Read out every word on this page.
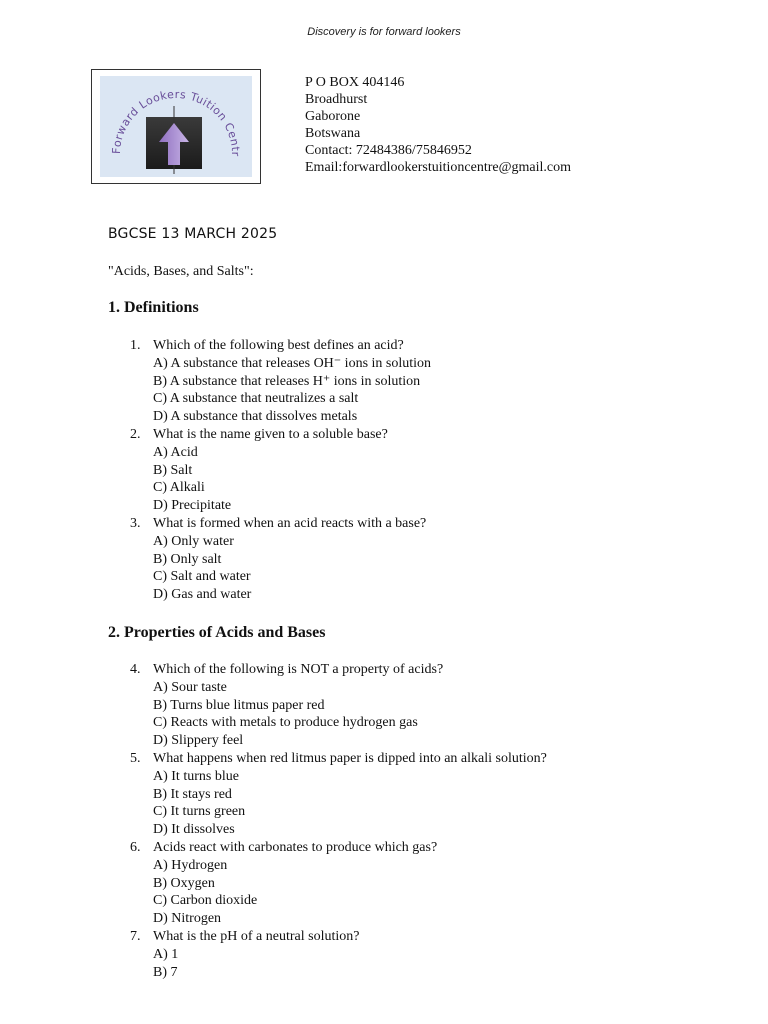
Discovery is for forward lookers
Forward Lookers Tuition Centr
P O BOX 404146
Broadhurst
Gaborone
Botswana
Contact: 72484386/75846952
Email:forwardlookerstuitioncentre@gmail.com
BGCSE 13 MARCH 2025
"Acids, Bases, and Salts":
1. Definitions
1. Which of the following best defines an acid?
A) A substance that releases OH⁻ ions in solution
B) A substance that releases H⁺ ions in solution
C) A substance that neutralizes a salt
D) A substance that dissolves metals
2. What is the name given to a soluble base?
A) Acid
B) Salt
C) Alkali
D) Precipitate
3. What is formed when an acid reacts with a base?
A) Only water
B) Only salt
C) Salt and water
D) Gas and water
2. Properties of Acids and Bases
4. Which of the following is NOT a property of acids?
A) Sour taste
B) Turns blue litmus paper red
C) Reacts with metals to produce hydrogen gas
D) Slippery feel
5. What happens when red litmus paper is dipped into an alkali solution?
A) It turns blue
B) It stays red
C) It turns green
D) It dissolves
6. Acids react with carbonates to produce which gas?
A) Hydrogen
B) Oxygen
C) Carbon dioxide
D) Nitrogen
7. What is the pH of a neutral solution?
A) 1
B) 7
